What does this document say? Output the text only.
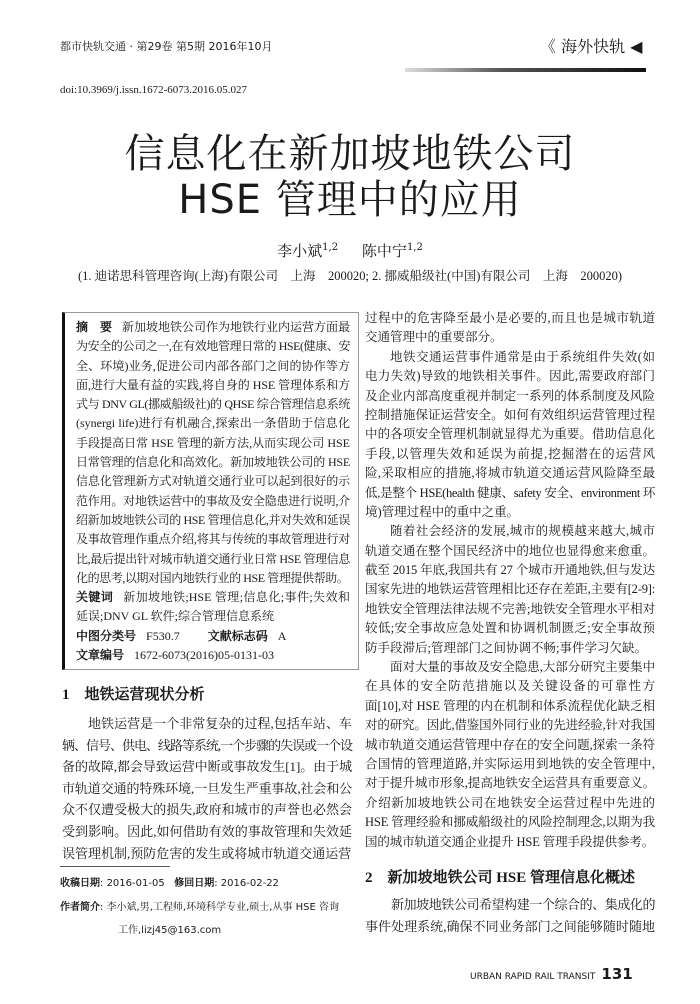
都市快轨交通 · 第29卷 第5期 2016年10月	《 海外快轨 ◀
doi:10.3969/j.issn.1672-6073.2016.05.027
信息化在新加坡地铁公司
HSE 管理中的应用
李小斌$^{1,2}$ 陈中宁$^{1,2}$
(1. 迪诺思科管理咨询(上海)有限公司　上海　200020; 2. 挪威船级社(中国)有限公司　上海　200020)
摘　要 新加坡地铁公司作为地铁行业内运营方面最
为安全的公司之一,在有效地管理日常的 HSE(健康、安
全、环境)业务,促进公司内部各部门之间的协作等方
面,进行大量有益的实践,将自身的 HSE 管理体系和方
式与 DNV GL(挪威船级社)的 QHSE 综合管理信息系统
(synergi life)进行有机融合,探索出一条借助于信息化
手段提高日常 HSE 管理的新方法,从而实现公司 HSE
日常管理的信息化和高效化。新加坡地铁公司的 HSE
信息化管理新方式对轨道交通行业可以起到很好的示
范作用。对地铁运营中的事故及安全隐患进行说明,介
绍新加坡地铁公司的 HSE 管理信息化,并对失效和延误
及事故管理作重点介绍,将其与传统的事故管理进行对
比,最后提出针对城市轨道交通行业日常 HSE 管理信息
化的思考,以期对国内地铁行业的 HSE 管理提供帮助。
关键词 新加坡地铁;HSE 管理;信息化;事件;失效和
延误;DNV GL 软件;综合管理信息系统
中图分类号 F530.7 文献标志码 A
文章编号 1672-6073(2016)05-0131-03
1　地铁运营现状分析
地铁运营是一个非常复杂的过程,包括车站、车
辆、信号、供电、线路等系统,一个步骤的失误或一个设
备的故障,都会导致运营中断或事故发生[1]。由于城
市轨道交通的特殊环境,一旦发生严重事故,社会和公
众不仅遭受极大的损失,政府和城市的声誉也必然会
受到影响。因此,如何借助有效的事故管理和失效延
误管理机制,预防危害的发生或将城市轨道交通运营
过程中的危害降至最小是必要的,而且也是城市轨道
交通管理中的重要部分。
地铁交通运营事件通常是由于系统组件失效(如
电力失效)导致的地铁相关事件。因此,需要政府部门
及企业内部高度重视并制定一系列的体系制度及风险
控制措施保证运营安全。如何有效组织运营管理过程
中的各项安全管理机制就显得尤为重要。借助信息化
手段,以管理失效和延误为前提,挖掘潜在的运营风
险,采取相应的措施,将城市轨道交通运营风险降至最
低,是整个 HSE(health 健康、safety 安全、environment 环
境)管理过程中的重中之重。
随着社会经济的发展,城市的规模越来越大,城市
轨道交通在整个国民经济中的地位也显得愈来愈重。
截至 2015 年底,我国共有 27 个城市开通地铁,但与发达
国家先进的地铁运营管理相比还存在差距,主要有[2-9]:
地铁安全管理法律法规不完善;地铁安全管理水平相对
较低;安全事故应急处置和协调机制匮乏;安全事故预
防手段滞后;管理部门之间协调不畅;事件学习欠缺。
面对大量的事故及安全隐患,大部分研究主要集中
在具体的安全防范措施以及关键设备的可靠性方
面[10],对 HSE 管理的内在机制和体系流程优化缺乏相
对的研究。因此,借鉴国外同行业的先进经验,针对我国
城市轨道交通运营管理中存在的安全问题,探索一条符
合国情的管理道路,并实际运用到地铁的安全管理中,
对于提升城市形象,提高地铁安全运营具有重要意义。
介绍新加坡地铁公司在地铁安全运营过程中先进的
HSE 管理经验和挪威船级社的风险控制理念,以期为我
国的城市轨道交通企业提升 HSE 管理手段提供参考。
2　新加坡地铁公司 HSE 管理信息化概述
新加坡地铁公司希望构建一个综合的、集成化的
事件处理系统,确保不同业务部门之间能够随时随地
收稿日期: 2016-01-05 修回日期: 2016-02-22
作者简介: 李小斌,男,工程师,环境科学专业,硕士,从事 HSE 咨询
工作,lizj45@163.com
URBAN RAPID RAIL TRANSIT 131
